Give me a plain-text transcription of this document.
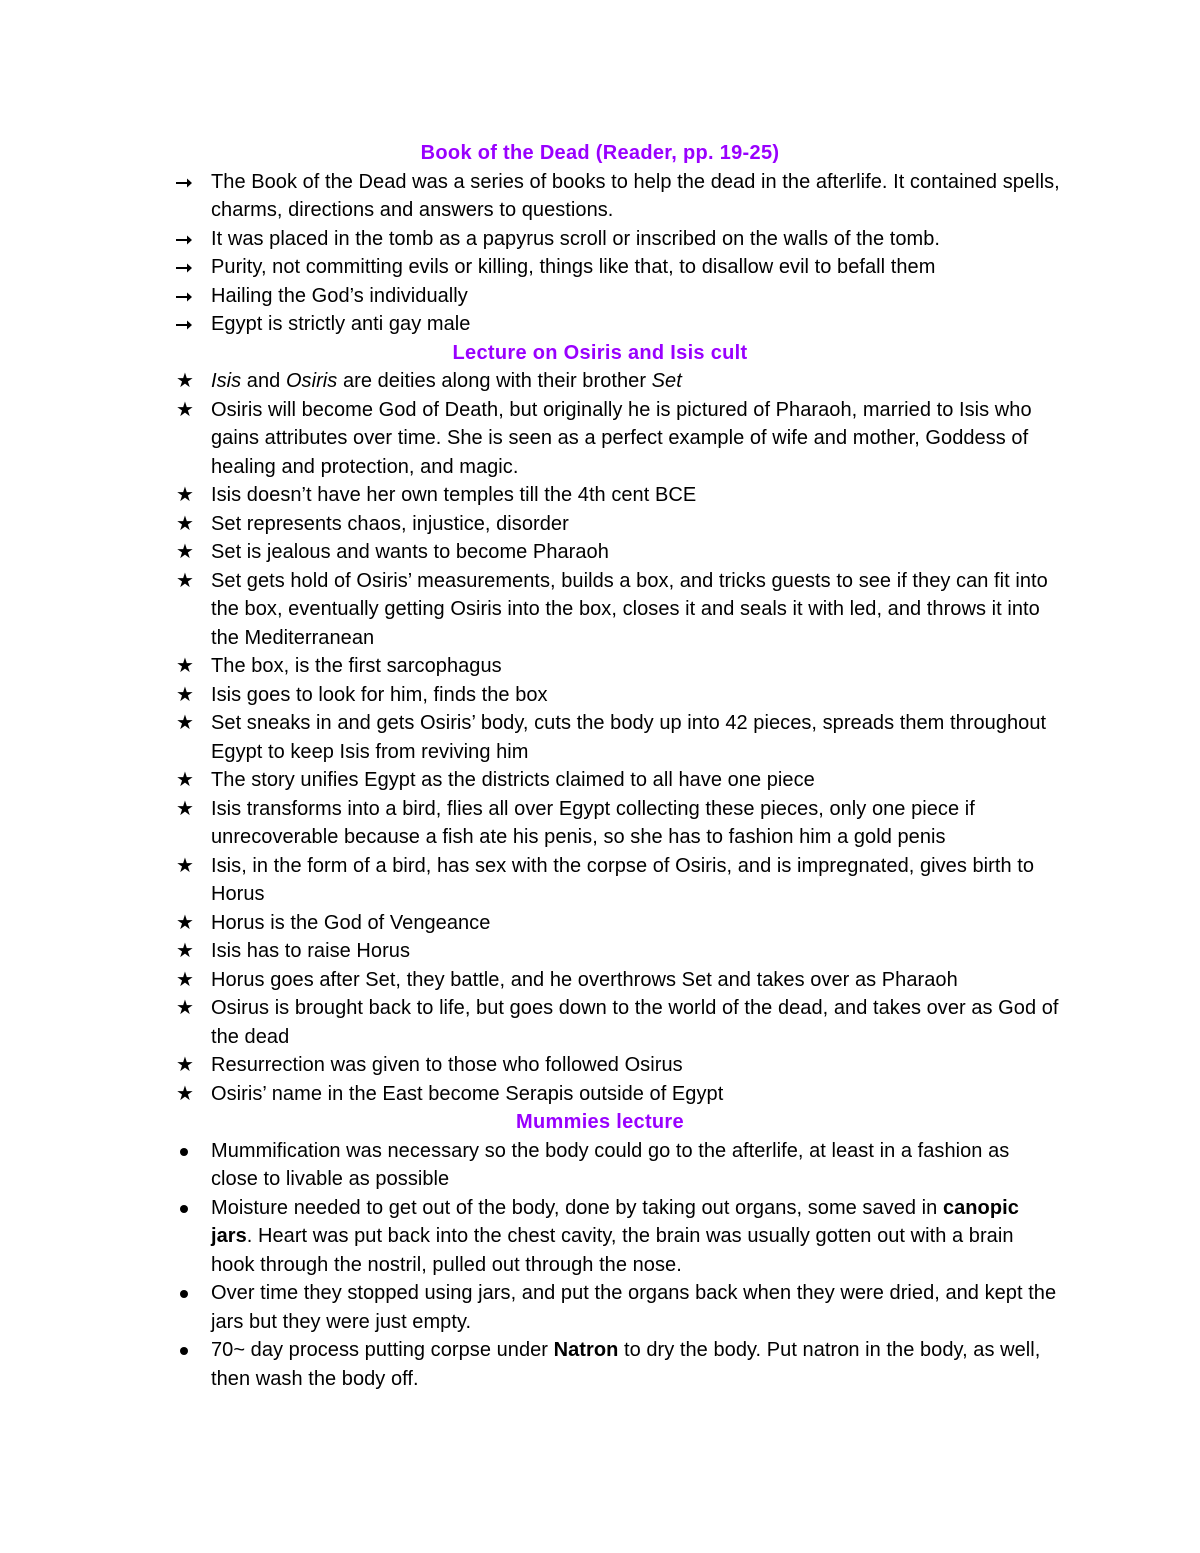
Book of the Dead (Reader, pp. 19-25)
The Book of the Dead was a series of books to help the dead in the afterlife. It contained spells, charms, directions and answers to questions.
It was placed in the tomb as a papyrus scroll or inscribed on the walls of the tomb.
Purity, not committing evils or killing, things like that, to disallow evil to befall them
Hailing the God’s individually
Egypt is strictly anti gay male
Lecture on Osiris and Isis cult
★ Isis and Osiris are deities along with their brother Set
★ Osiris will become God of Death, but originally he is pictured of Pharaoh, married to Isis who gains attributes over time. She is seen as a perfect example of wife and mother, Goddess of healing and protection, and magic.
★ Isis doesn’t have her own temples till the 4th cent BCE
★ Set represents chaos, injustice, disorder
★ Set is jealous and wants to become Pharaoh
★ Set gets hold of Osiris’ measurements, builds a box, and tricks guests to see if they can fit into the box, eventually getting Osiris into the box, closes it and seals it with led, and throws it into the Mediterranean
★ The box, is the first sarcophagus
★ Isis goes to look for him, finds the box
★ Set sneaks in and gets Osiris’ body, cuts the body up into 42 pieces, spreads them throughout Egypt to keep Isis from reviving him
★ The story unifies Egypt as the districts claimed to all have one piece
★ Isis transforms into a bird, flies all over Egypt collecting these pieces, only one piece if unrecoverable because a fish ate his penis, so she has to fashion him a gold penis
★ Isis, in the form of a bird, has sex with the corpse of Osiris, and is impregnated, gives birth to Horus
★ Horus is the God of Vengeance
★ Isis has to raise Horus
★ Horus goes after Set, they battle, and he overthrows Set and takes over as Pharaoh
★ Osirus is brought back to life, but goes down to the world of the dead, and takes over as God of the dead
★ Resurrection was given to those who followed Osirus
★ Osiris’ name in the East become Serapis outside of Egypt
Mummies lecture
Mummification was necessary so the body could go to the afterlife, at least in a fashion as close to livable as possible
Moisture needed to get out of the body, done by taking out organs, some saved in canopic jars. Heart was put back into the chest cavity, the brain was usually gotten out with a brain hook through the nostril, pulled out through the nose.
Over time they stopped using jars, and put the organs back when they were dried, and kept the jars but they were just empty.
70~ day process putting corpse under Natron to dry the body. Put natron in the body, as well, then wash the body off.
